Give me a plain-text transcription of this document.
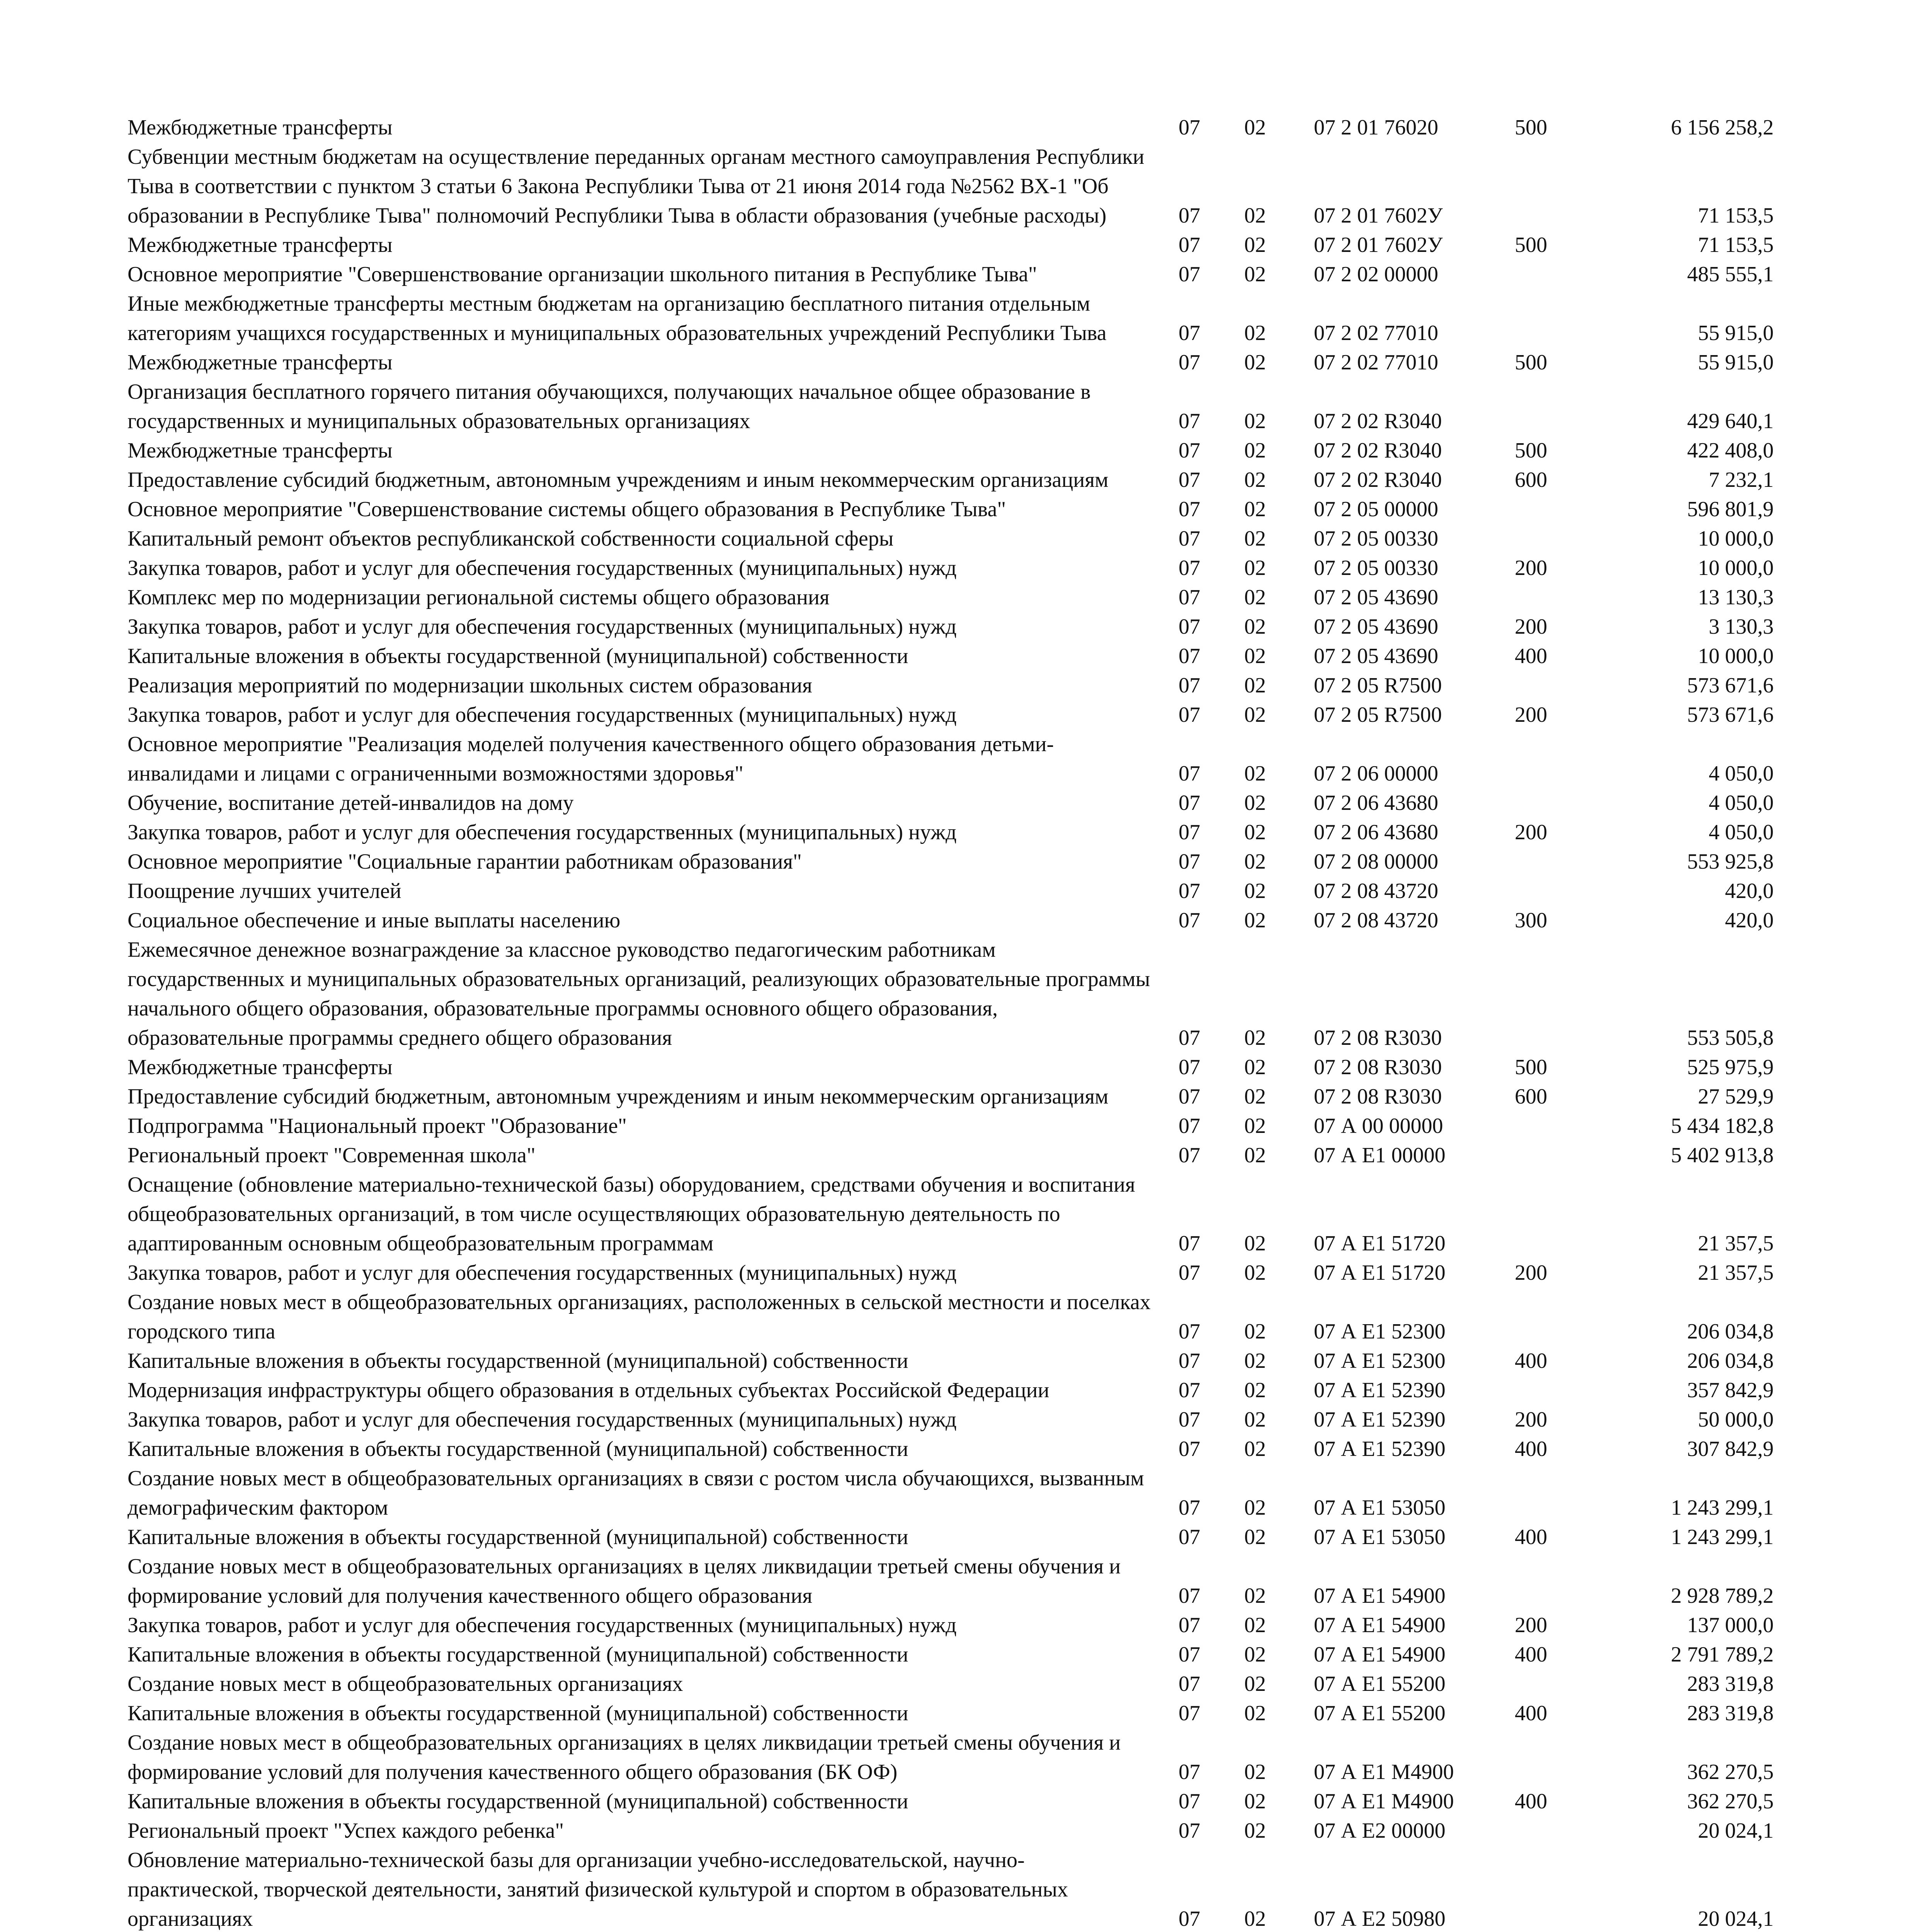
Межбюджетные трансферты	07	02	07 2 01 76020	500	6 156 258,2
Субвенции местным бюджетам на осуществление переданных органам местного самоуправления Республики Тыва в соответствии с пунктом 3 статьи 6 Закона Республики Тыва от 21 июня 2014 года №2562 ВХ-1 "Об образовании в Республике Тыва" полномочий Республики Тыва в области образования (учебные расходы)	07	02	07 2 01 7602У		71 153,5
Межбюджетные трансферты	07	02	07 2 01 7602У	500	71 153,5
Основное мероприятие "Совершенствование организации школьного питания в Республике Тыва"	07	02	07 2 02 00000		485 555,1
Иные межбюджетные трансферты местным бюджетам на организацию бесплатного питания отдельным категориям учащихся государственных и муниципальных образовательных учреждений Республики Тыва	07	02	07 2 02 77010		55 915,0
Межбюджетные трансферты	07	02	07 2 02 77010	500	55 915,0
Организация бесплатного горячего питания обучающихся, получающих начальное общее образование в государственных и муниципальных образовательных организациях	07	02	07 2 02 R3040		429 640,1
Межбюджетные трансферты	07	02	07 2 02 R3040	500	422 408,0
Предоставление субсидий бюджетным, автономным учреждениям и иным некоммерческим организациям	07	02	07 2 02 R3040	600	7 232,1
Основное мероприятие "Совершенствование системы общего образования в Республике Тыва"	07	02	07 2 05 00000		596 801,9
Капитальный ремонт объектов республиканской собственности социальной сферы	07	02	07 2 05 00330		10 000,0
Закупка товаров, работ и услуг для обеспечения государственных (муниципальных) нужд	07	02	07 2 05 00330	200	10 000,0
Комплекс мер по модернизации региональной системы общего образования	07	02	07 2 05 43690		13 130,3
Закупка товаров, работ и услуг для обеспечения государственных (муниципальных) нужд	07	02	07 2 05 43690	200	3 130,3
Капитальные вложения в объекты государственной (муниципальной) собственности	07	02	07 2 05 43690	400	10 000,0
Реализация мероприятий по модернизации школьных систем образования	07	02	07 2 05 R7500		573 671,6
Закупка товаров, работ и услуг для обеспечения государственных (муниципальных) нужд	07	02	07 2 05 R7500	200	573 671,6
Основное мероприятие "Реализация моделей получения качественного общего образования детьми-инвалидами и лицами с ограниченными возможностями здоровья"	07	02	07 2 06 00000		4 050,0
Обучение, воспитание детей-инвалидов на дому	07	02	07 2 06 43680		4 050,0
Закупка товаров, работ и услуг для обеспечения государственных (муниципальных) нужд	07	02	07 2 06 43680	200	4 050,0
Основное мероприятие "Социальные гарантии работникам образования"	07	02	07 2 08 00000		553 925,8
Поощрение лучших учителей	07	02	07 2 08 43720		420,0
Социальное обеспечение и иные выплаты населению	07	02	07 2 08 43720	300	420,0
Ежемесячное денежное вознаграждение за классное руководство педагогическим работникам государственных и муниципальных образовательных организаций, реализующих образовательные программы начального общего образования, образовательные программы основного общего образования, образовательные программы среднего общего образования	07	02	07 2 08 R3030		553 505,8
Межбюджетные трансферты	07	02	07 2 08 R3030	500	525 975,9
Предоставление субсидий бюджетным, автономным учреждениям и иным некоммерческим организациям	07	02	07 2 08 R3030	600	27 529,9
Подпрограмма "Национальный проект "Образование"	07	02	07 А 00 00000		5 434 182,8
Региональный проект "Современная школа"	07	02	07 А Е1 00000		5 402 913,8
Оснащение (обновление материально-технической базы) оборудованием, средствами обучения и воспитания общеобразовательных организаций, в том числе осуществляющих образовательную деятельность по адаптированным основным общеобразовательным программам	07	02	07 А Е1 51720		21 357,5
Закупка товаров, работ и услуг для обеспечения государственных (муниципальных) нужд	07	02	07 А Е1 51720	200	21 357,5
Создание новых мест в общеобразовательных организациях, расположенных в сельской местности и поселках городского типа	07	02	07 А Е1 52300		206 034,8
Капитальные вложения в объекты государственной (муниципальной) собственности	07	02	07 А Е1 52300	400	206 034,8
Модернизация инфраструктуры общего образования в отдельных субъектах Российской Федерации	07	02	07 А Е1 52390		357 842,9
Закупка товаров, работ и услуг для обеспечения государственных (муниципальных) нужд	07	02	07 А Е1 52390	200	50 000,0
Капитальные вложения в объекты государственной (муниципальной) собственности	07	02	07 А Е1 52390	400	307 842,9
Создание новых мест в общеобразовательных организациях в связи с ростом числа обучающихся, вызванным демографическим фактором	07	02	07 А Е1 53050		1 243 299,1
Капитальные вложения в объекты государственной (муниципальной) собственности	07	02	07 А Е1 53050	400	1 243 299,1
Создание новых мест в общеобразовательных организациях в целях ликвидации третьей смены обучения и формирование условий для получения качественного общего образования	07	02	07 А Е1 54900		2 928 789,2
Закупка товаров, работ и услуг для обеспечения государственных (муниципальных) нужд	07	02	07 А Е1 54900	200	137 000,0
Капитальные вложения в объекты государственной (муниципальной) собственности	07	02	07 А Е1 54900	400	2 791 789,2
Создание новых мест в общеобразовательных организациях	07	02	07 А Е1 55200		283 319,8
Капитальные вложения в объекты государственной (муниципальной) собственности	07	02	07 А Е1 55200	400	283 319,8
Создание новых мест в общеобразовательных организациях в целях ликвидации третьей смены обучения и формирование условий для получения качественного общего образования (БК ОФ)	07	02	07 А Е1 М4900		362 270,5
Капитальные вложения в объекты государственной (муниципальной) собственности	07	02	07 А Е1 М4900	400	362 270,5
Региональный проект "Успех каждого ребенка"	07	02	07 А Е2 00000		20 024,1
Обновление материально-технической базы для организации учебно-исследовательской, научно-практической, творческой деятельности, занятий физической культурой и спортом в образовательных организациях	07	02	07 А Е2 50980		20 024,1
